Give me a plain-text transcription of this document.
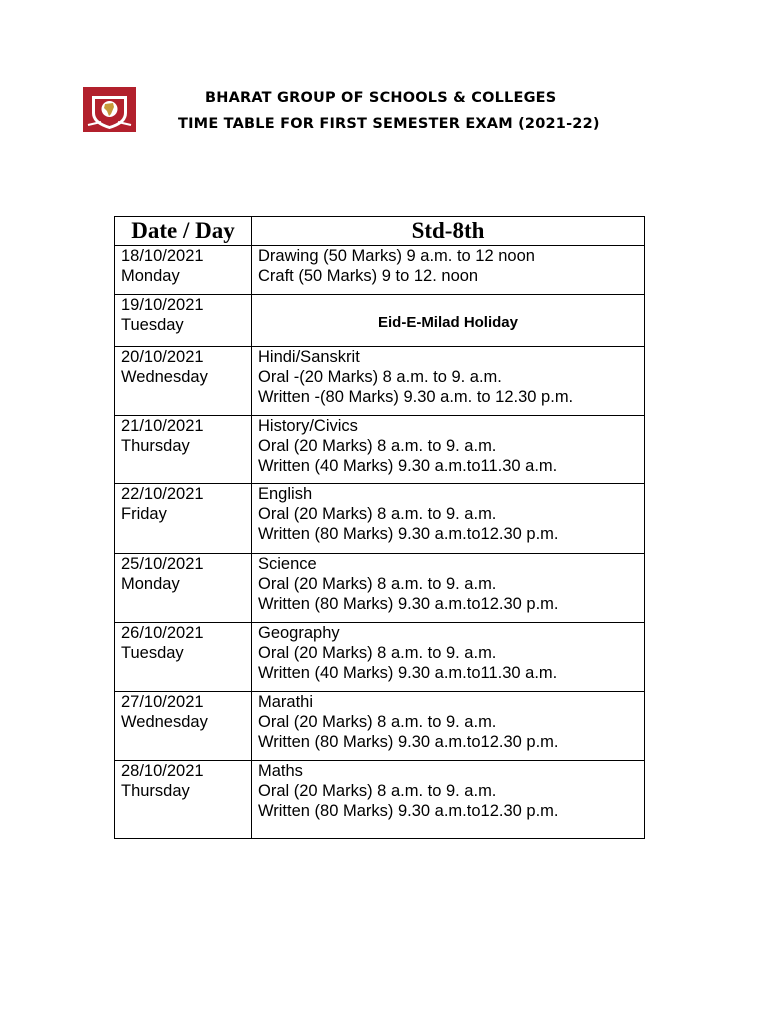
BHARAT GROUP OF SCHOOLS & COLLEGES
TIME TABLE FOR FIRST SEMESTER EXAM (2021-22)
Date / Day	Std-8th

18/10/2021
Monday	Drawing (50 Marks) 9 a.m. to 12 noon
Craft (50 Marks) 9 to 12. noon

19/10/2021
Tuesday	Eid-E-Milad Holiday

20/10/2021
Wednesday	Hindi/Sanskrit
Oral -(20 Marks) 8 a.m. to 9. a.m.
Written -(80 Marks) 9.30 a.m. to 12.30 p.m.

21/10/2021
Thursday	History/Civics
Oral (20 Marks) 8 a.m. to 9. a.m.
Written (40 Marks) 9.30 a.m.to11.30 a.m.

22/10/2021
Friday	English
Oral (20 Marks) 8 a.m. to 9. a.m.
Written (80 Marks) 9.30 a.m.to12.30 p.m.

25/10/2021
Monday	Science
Oral (20 Marks) 8 a.m. to 9. a.m.
Written (80 Marks) 9.30 a.m.to12.30 p.m.

26/10/2021
Tuesday	Geography
Oral (20 Marks) 8 a.m. to 9. a.m.
Written (40 Marks) 9.30 a.m.to11.30 a.m.

27/10/2021
Wednesday	Marathi
Oral (20 Marks) 8 a.m. to 9. a.m.
Written (80 Marks) 9.30 a.m.to12.30 p.m.

28/10/2021
Thursday	Maths
Oral (20 Marks) 8 a.m. to 9. a.m.
Written (80 Marks) 9.30 a.m.to12.30 p.m.
